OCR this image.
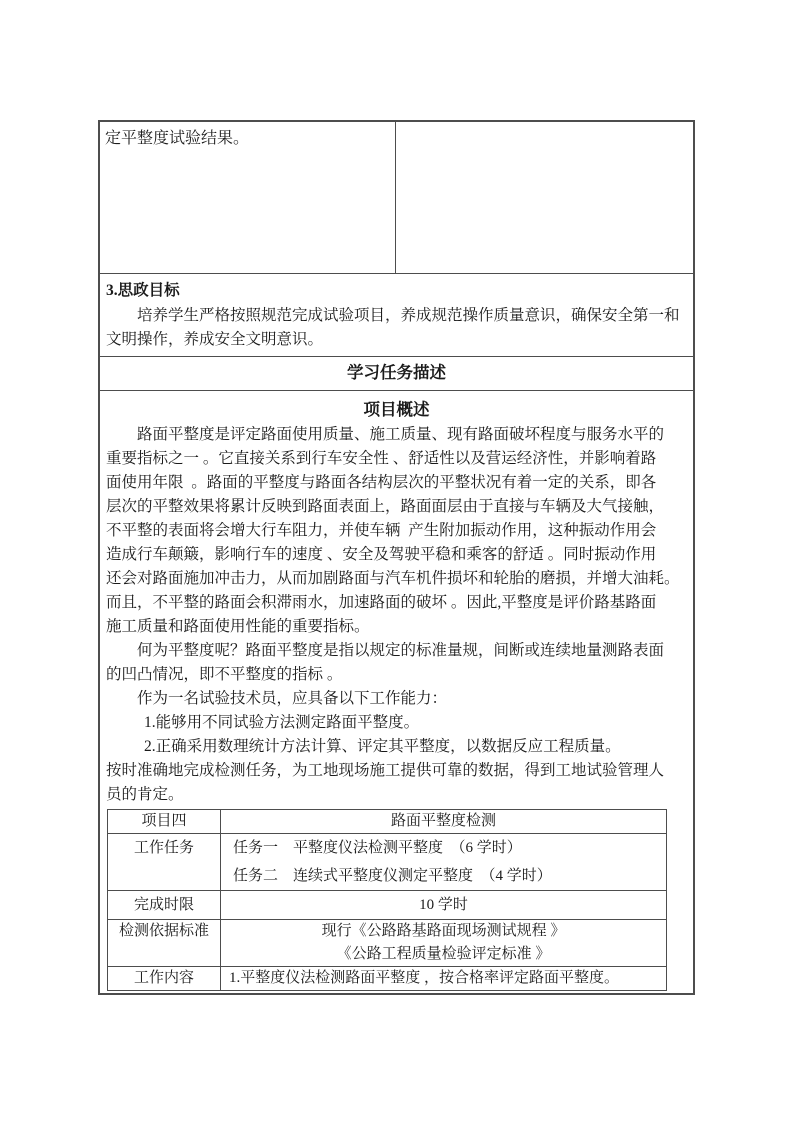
定平整度试验结果。
3.思政目标
培养学生严格按照规范完成试验项目，养成规范操作质量意识，确保安全第一和
文明操作，养成安全文明意识。
学习任务描述
项目概述
路面平整度是评定路面使用质量、施工质量、现有路面破坏程度与服务水平的
重要指标之一 。它直接关系到行车安全性 、舒适性以及营运经济性，并影响着路
面使用年限  。路面的平整度与路面各结构层次的平整状况有着一定的关系，即各
层次的平整效果将累计反映到路面表面上，路面面层由于直接与车辆及大气接触，
不平整的表面将会增大行车阻力，并使车辆  产生附加振动作用，这种振动作用会
造成行车颠簸，影响行车的速度 、安全及驾驶平稳和乘客的舒适 。同时振动作用
还会对路面施加冲击力，从而加剧路面与汽车机件损坏和轮胎的磨损，并增大油耗。
而且，不平整的路面会积滞雨水，加速路面的破坏 。因此,平整度是评价路基路面
施工质量和路面使用性能的重要指标。
何为平整度呢？路面平整度是指以规定的标准量规，间断或连续地量测路表面
的凹凸情况，即不平整度的指标 。
作为一名试验技术员，应具备以下工作能力：
1.能够用不同试验方法测定路面平整度。
2.正确采用数理统计方法计算、评定其平整度，以数据反应工程质量。
按时准确地完成检测任务，为工地现场施工提供可靠的数据，得到工地试验管理人
员的肯定。
项目四	路面平整度检测
工作任务	任务一    平整度仪法检测平整度  （6 学时）
任务二    连续式平整度仪测定平整度  （4 学时）
完成时限	10 学时
检测依据标准	现行《公路路基路面现场测试规程 》
《公路工程质量检验评定标准 》
工作内容	1.平整度仪法检测路面平整度 ，按合格率评定路面平整度。
